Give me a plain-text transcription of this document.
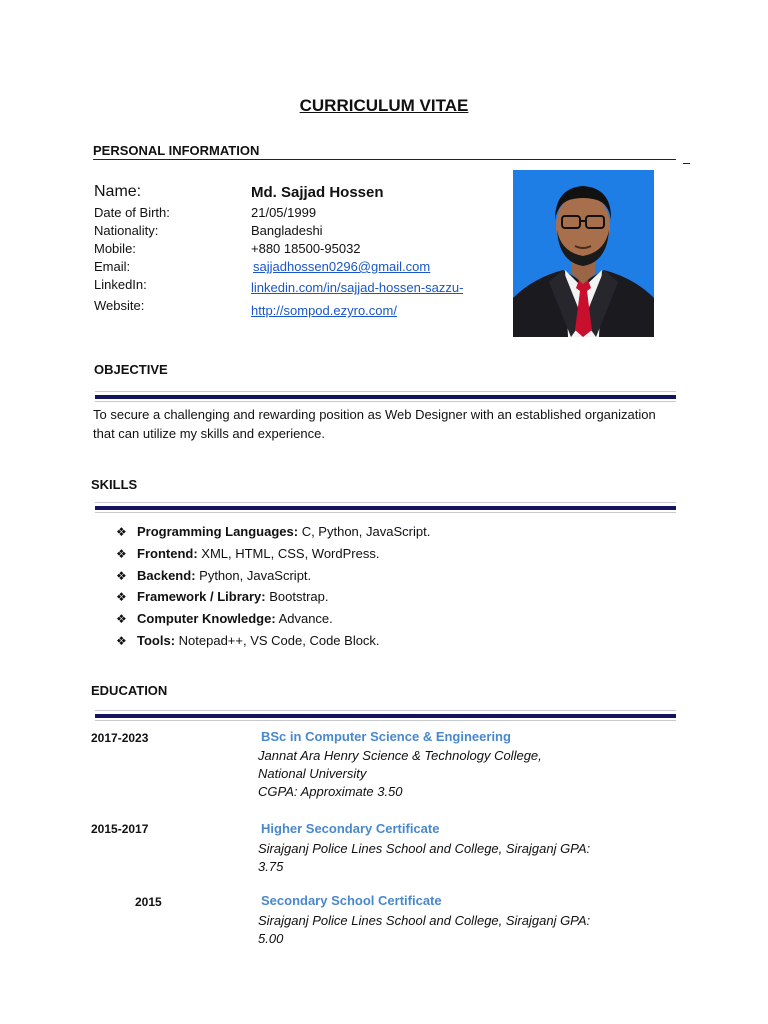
CURRICULUM VITAE
PERSONAL INFORMATION
Name:	Md. Sajjad Hossen
Date of Birth:	21/05/1999
Nationality:	Bangladeshi
Mobile:	+880 18500-95032
Email:	sajjadhossen0296@gmail.com
LinkedIn:	linkedin.com/in/sajjad-hossen-sazzu-
Website:	http://sompod.ezyro.com/
OBJECTIVE
To secure a challenging and rewarding position as Web Designer with an established organization
that can utilize my skills and experience.
SKILLS
❖ Programming Languages: C, Python, JavaScript.
❖ Frontend: XML, HTML, CSS, WordPress.
❖ Backend: Python, JavaScript.
❖ Framework / Library: Bootstrap.
❖ Computer Knowledge: Advance.
❖ Tools: Notepad++, VS Code, Code Block.
EDUCATION
2017-2023	BSc in Computer Science & Engineering
Jannat Ara Henry Science & Technology College,
National University
CGPA: Approximate 3.50
2015-2017	Higher Secondary Certificate
Sirajganj Police Lines School and College, Sirajganj GPA:
3.75
2015	Secondary School Certificate
Sirajganj Police Lines School and College, Sirajganj GPA:
5.00
